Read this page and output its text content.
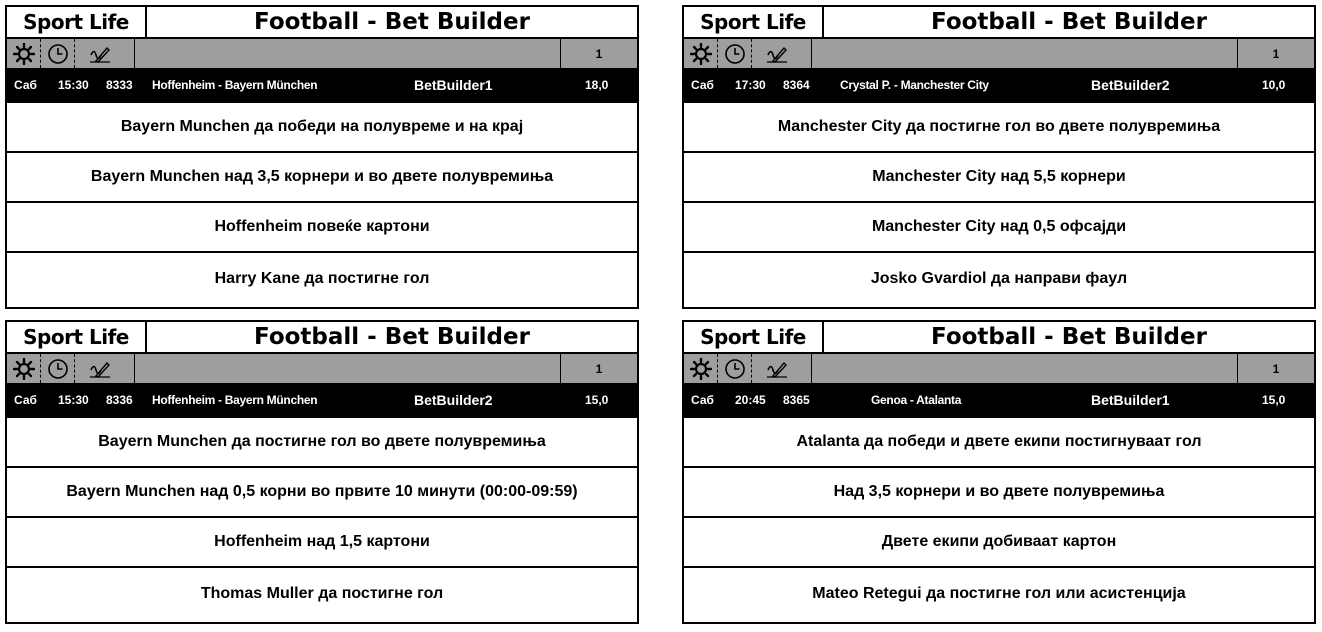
Sport Life	Football - Bet Builder
1
Саб 15:30 8333 Hoffenheim - Bayern München	BetBuilder1	18,0
Bayern Munchen да победи на полувреме и на крај
Bayern Munchen над 3,5 корнери и во двете полувремиња
Hoffenheim повеќе картони
Harry Kane да постигне гол
Sport Life	Football - Bet Builder
1
Саб 17:30 8364	Crystal P. - Manchester City	BetBuilder2	10,0
Manchester City да постигне гол во двете полувремиња
Manchester City над 5,5 корнери
Manchester City над 0,5 офсајди
Josko Gvardiol да направи фаул
Sport Life	Football - Bet Builder
1
Саб 15:30 8336 Hoffenheim - Bayern München	BetBuilder2	15,0
Bayern Munchen да постигне гол во двете полувремиња
Bayern Munchen над 0,5 корни во првите 10 минути (00:00-09:59)
Hoffenheim над 1,5 картони
Thomas Muller да постигне гол
Sport Life	Football - Bet Builder
1
Саб 20:45 8365	Genoa - Atalanta	BetBuilder1	15,0
Atalanta да победи и двете екипи постигнуваат гол
Над 3,5 корнери и во двете полувремиња
Двете екипи добиваат картон
Mateo Retegui да постигне гол или асистенција
